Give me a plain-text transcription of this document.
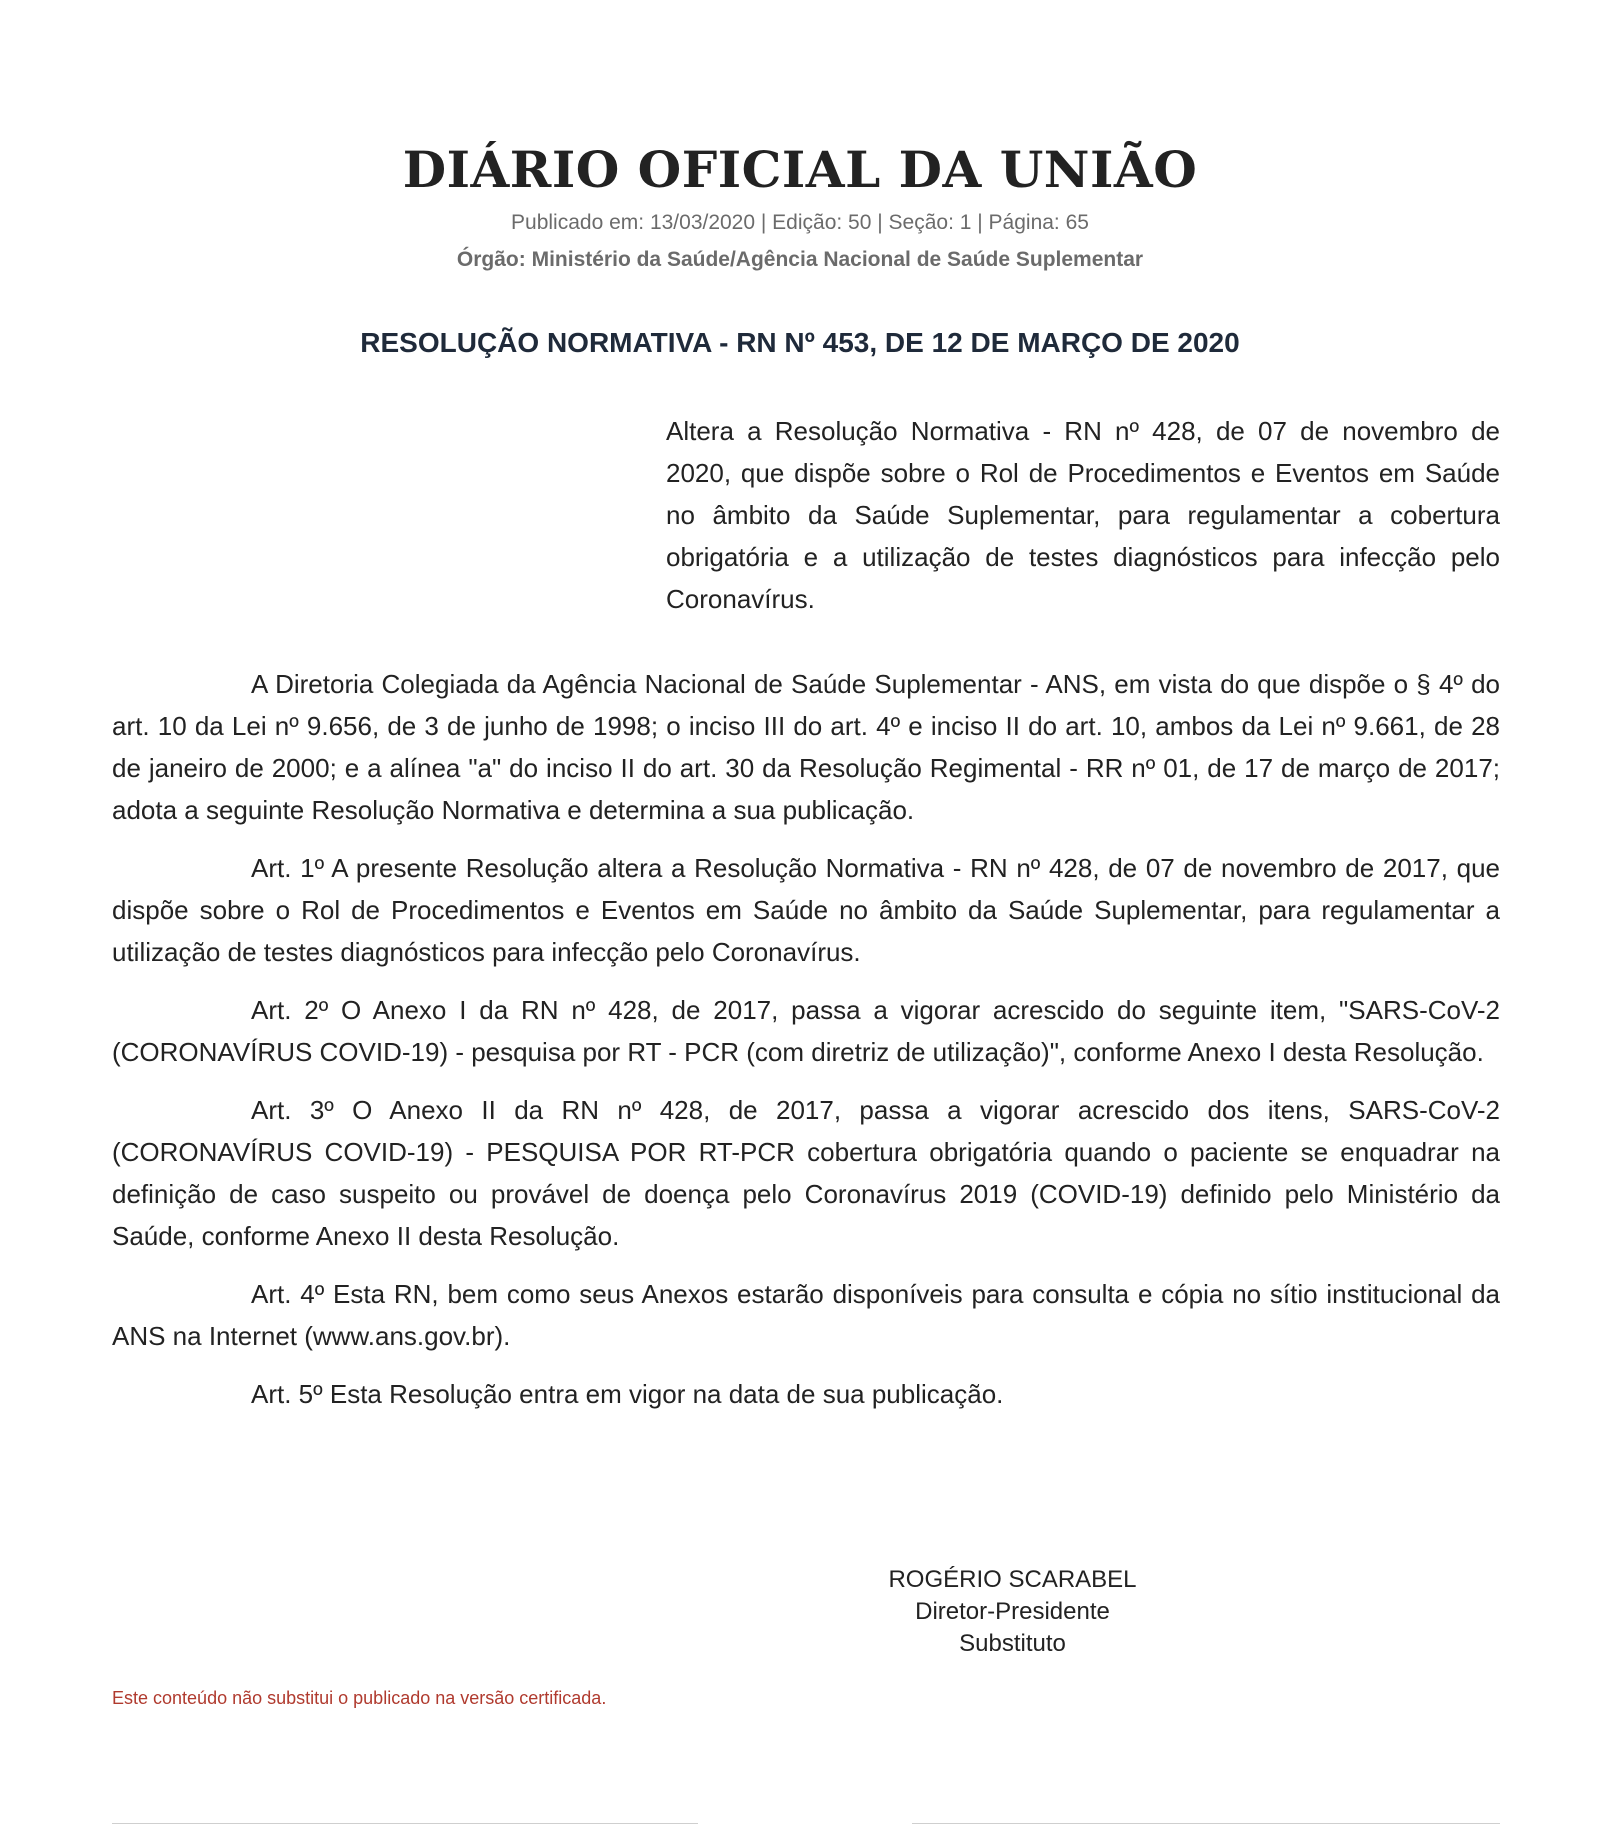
DIÁRIO OFICIAL DA UNIÃO
Publicado em: 13/03/2020 | Edição: 50 | Seção: 1 | Página: 65
Órgão: Ministério da Saúde/Agência Nacional de Saúde Suplementar
RESOLUÇÃO NORMATIVA - RN Nº 453, DE 12 DE MARÇO DE 2020
Altera a Resolução Normativa - RN nº 428, de 07 de novembro de 2020, que dispõe sobre o Rol de Procedimentos e Eventos em Saúde no âmbito da Saúde Suplementar, para regulamentar a cobertura obrigatória e a utilização de testes diagnósticos para infecção pelo Coronavírus.

A Diretoria Colegiada da Agência Nacional de Saúde Suplementar - ANS, em vista do que dispõe o § 4º do art. 10 da Lei nº 9.656, de 3 de junho de 1998; o inciso III do art. 4º e inciso II do art. 10, ambos da Lei nº 9.661, de 28 de janeiro de 2000; e a alínea "a" do inciso II do art. 30 da Resolução Regimental - RR nº 01, de 17 de março de 2017; adota a seguinte Resolução Normativa e determina a sua publicação.

Art. 1º A presente Resolução altera a Resolução Normativa - RN nº 428, de 07 de novembro de 2017, que dispõe sobre o Rol de Procedimentos e Eventos em Saúde no âmbito da Saúde Suplementar, para regulamentar a utilização de testes diagnósticos para infecção pelo Coronavírus.

Art. 2º O Anexo I da RN nº 428, de 2017, passa a vigorar acrescido do seguinte item, "SARS-CoV-2 (CORONAVÍRUS COVID-19) - pesquisa por RT - PCR (com diretriz de utilização)", conforme Anexo I desta Resolução.

Art. 3º O Anexo II da RN nº 428, de 2017, passa a vigorar acrescido dos itens, SARS-CoV-2 (CORONAVÍRUS COVID-19) - PESQUISA POR RT-PCR cobertura obrigatória quando o paciente se enquadrar na definição de caso suspeito ou provável de doença pelo Coronavírus 2019 (COVID-19) definido pelo Ministério da Saúde, conforme Anexo II desta Resolução.

Art. 4º Esta RN, bem como seus Anexos estarão disponíveis para consulta e cópia no sítio institucional da ANS na Internet (www.ans.gov.br).

Art. 5º Esta Resolução entra em vigor na data de sua publicação.

ROGÉRIO SCARABEL
Diretor-Presidente
Substituto
Este conteúdo não substitui o publicado na versão certificada.
